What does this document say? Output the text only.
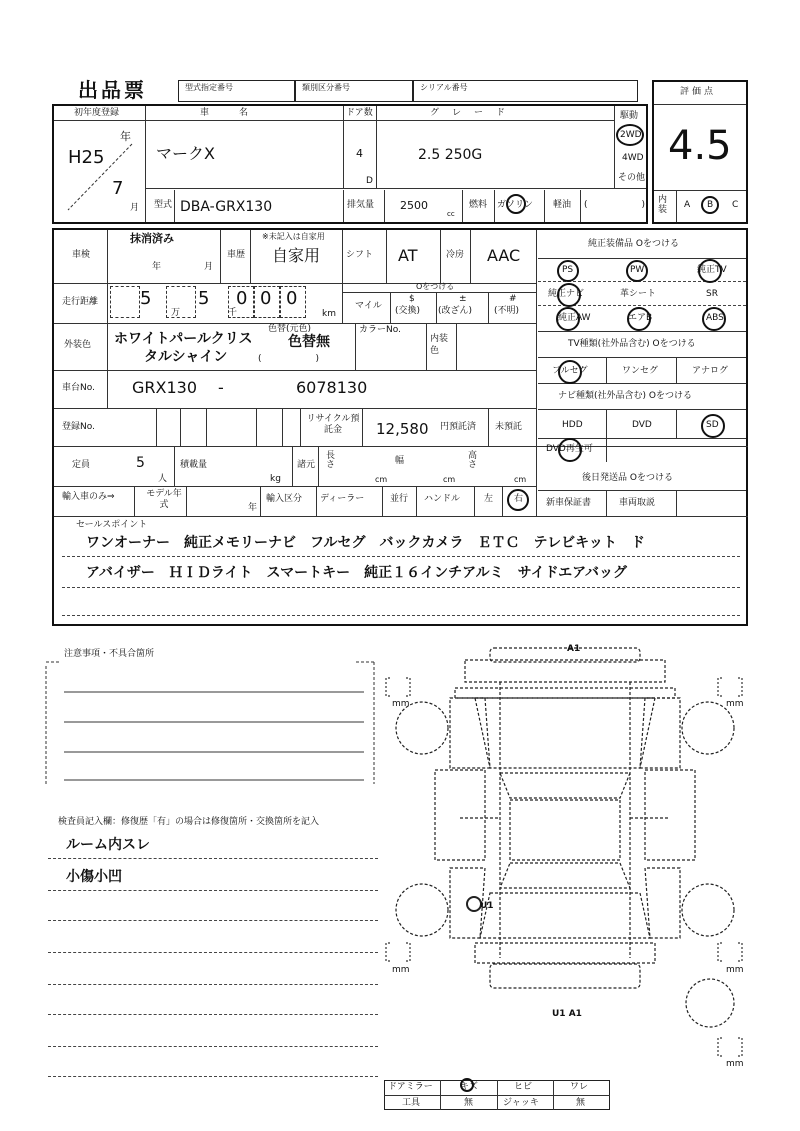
出品票	型式指定番号	類別区分番号	シリアル番号
初年度登録
年
H25
7
月
車　　名
マークX
ドア数
4
D
グ　レ　ー　ド
2.5 250G
駆動
2WD
4WD
その他
型式 DBA-GRX130	排気量 2500
cc
燃料 ガソリン 軽油 (　　　　　　)
評価点
4.5
内装	A B C
車検
抹消済み
年	月
車歴
※未記入は自家用
自家用	シフト AT	冷房 AAC
走行距離 5
万
5
千
0 0 0
km
Oをつける
マイル
$
(交換)
±
(改ざん)
#
(不明)
外装色 ホワイトパールクリス
タルシャイン
色替(元色)
色替無
(　　　　　　)
カラーNo.
内装色
車台No. GRX130 -	6078130
登録No.
リサイクル預託金	12,580 円預託済 未預託
定員	5
人
積載量
kg
諸元
長さ
cm
幅
cm
高さ
cm
輸入車のみ⇒	モデル年式	年
輸入区分 ディーラー	並行 ハンドル	左 右
純正装備品 Oをつける
PS	PW	純正TV
純正ナビ	革シート	SR
純正AW	エアB	ABS
TV種類(社外品含む) Oをつける
フルセグ	ワンセグ	アナログ
ナビ種類(社外品含む) Oをつける
HDD	DVD	SD
DVD再生可
後日発送品 Oをつける
新車保証書	車両取説
セールスポイント
ワンオーナー　純正メモリーナビ　フルセグ　バックカメラ　ＥＴＣ　テレビキット　ド
アバイザー　ＨＩＤライト　スマートキー　純正１６インチアルミ　サイドエアバッグ
注意事項・不具合箇所
検査員記入欄：修復歴「有」の場合は修復箇所・交換箇所を記入
ルーム内スレ
小傷小凹
A1
U1
U1 A1
mm	mm
mm	mm
mm
ドアミラー	キズ	ヒビ	ワレ
工具	無	ジャッキ	無
